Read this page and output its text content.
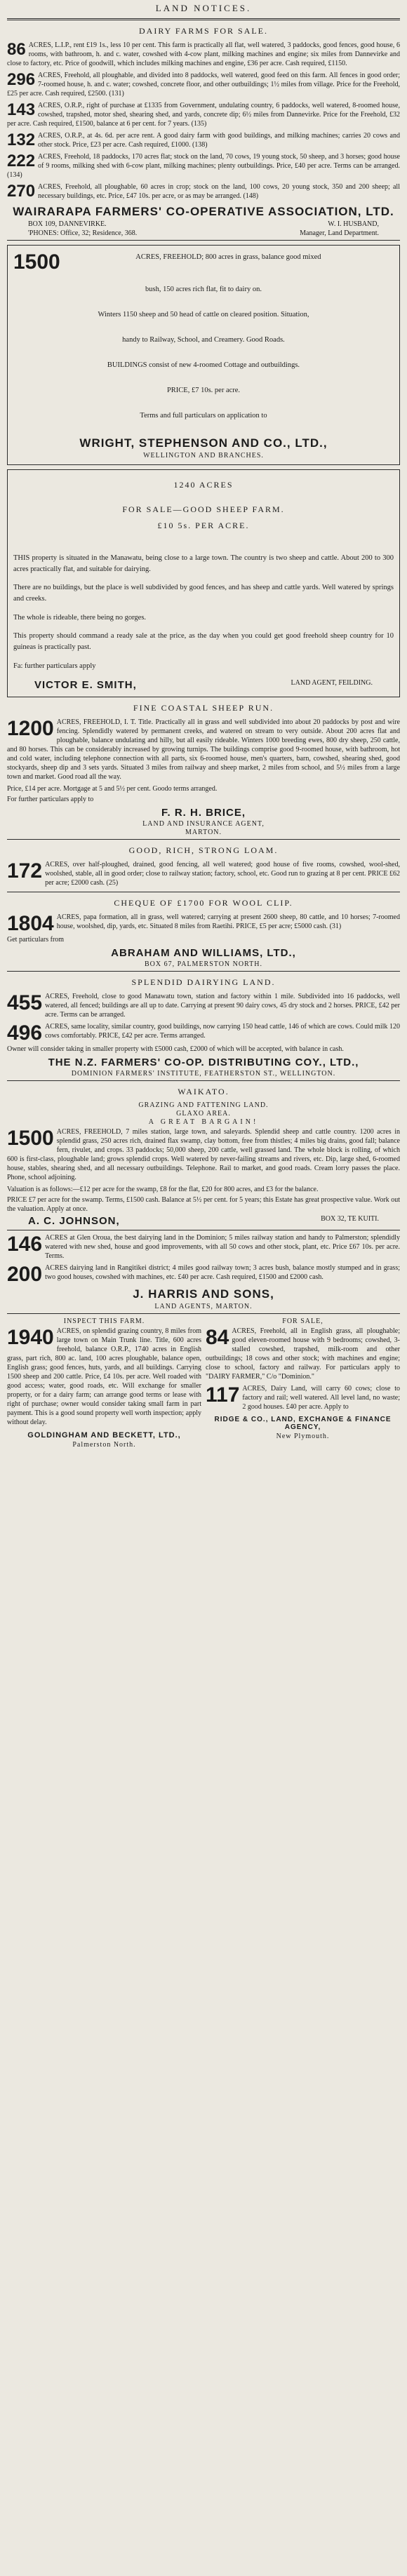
LAND NOTICES.
DAIRY FARMS FOR SALE.
86 ACRES, L.I.P., rent £19 1s., less 10 per cent. This farm is practically all flat, well watered, 3 paddocks, good fences, good house, 6 rooms, with bathroom, h. and c. water, cowshed with 4-cow plant, milking machines and engine; six miles from Dannevirke and close to factory, etc. Price of goodwill, which includes milking machines and engine, £36 per acre. Cash required, £1150.
296 ACRES, Freehold, all ploughable, and divided into 8 paddocks, well watered, good feed on this farm. All fences in good order; 7-roomed house, h. and c. water; cowshed, concrete floor, and other outbuildings; 1½ miles from village. Price for the Freehold, £25 per acre. Cash required, £2500. (131)
143 ACRES, O.R.P., right of purchase at £1335 from Government, undulating country, 6 paddocks, well watered, 8-roomed house, cowshed, trapshed, motor shed, shearing shed, and yards, concrete dip; 6½ miles from Dannevirke. Price for the Freehold, £32 per acre. Cash required, £1500, balance at 6 per cent. for 7 years. (135)
132 ACRES, O.R.P., at 4s. 6d. per acre rent. A good dairy farm with good buildings, and milking machines; carries 20 cows and other stock. Price, £23 per acre. Cash required, £1000. (138)
222 ACRES, Freehold, 18 paddocks, 170 acres flat; stock on the land, 70 cows, 19 young stock, 50 sheep, and 3 horses; good house of 9 rooms, milking shed with 6-cow plant, milking machines; plenty outbuildings. Price, £40 per acre. Terms can be arranged. (134)
270 ACRES, Freehold, all ploughable, 60 acres in crop; stock on the land, 100 cows, 20 young stock, 350 and 200 sheep; all necessary buildings, etc. Price, £47 10s. per acre, or as may be arranged. (148)
WAIRARAPA FARMERS' CO-OPERATIVE ASSOCIATION, LTD.
BOX 109, DANNEVIRKE.	W. I. HUSBAND,
'PHONES: Office, 32; Residence, 368.	Manager, Land Department.
1500	ACRES, FREEHOLD; 800 acres in grass, balance good mixed
bush, 150 acres rich flat, fit to dairy on.
Winters 1150 sheep and 50 head of cattle on cleared position. Situation,
handy to Railway, School, and Creamery. Good Roads.
BUILDINGS consist of new 4-roomed Cottage and outbuildings.
PRICE, £7 10s. per acre.
Terms and full particulars on application to
WRIGHT, STEPHENSON AND CO., LTD.,
WELLINGTON AND BRANCHES.
1240 ACRES
FOR SALE—GOOD SHEEP FARM.
£10 5s. PER ACRE.

THIS property is situated in the Manawatu, being close to a large town. The country is two sheep and cattle. About 200 to 300 acres practically flat, and suitable for dairying.

There are no buildings, but the place is well subdivided by good fences, and has sheep and cattle yards. Well watered by springs and creeks.

The whole is rideable, there being no gorges.

This property should command a ready sale at the price, as the day when you could get good freehold sheep country for 10 guineas is practically past.

Fa: further particulars apply

VICTOR E. SMITH,	LAND AGENT, FEILDING.
FINE COASTAL SHEEP RUN.
1200 ACRES, FREEHOLD, I. T. Title. Practically all in grass and well subdivided into about 20 paddocks by post and wire fencing. Splendidly watered by permanent creeks, and watered on stream to very outside. About 200 acres flat and ploughable, balance undulating and hilly, but all easily rideable. Winters 1000 breeding ewes, 800 dry sheep, 250 cattle, and 80 horses. This can be considerably increased by growing turnips. The buildings comprise good 9-roomed house, with bathroom, hot and cold water, including telephone connection with all parts, six 6-roomed house, men's quarters, barn, cowshed, shearing shed, good stockyards, sheep dip and 3 sets yards. Situated 3 miles from railway and sheep market, 2 miles from school, and 5½ miles from a large town and market. Good road all the way.
Price, £14 per acre. Mortgage at 5 and 5½ per cent. Goodo terms arranged.
For further particulars apply to
F. R. H. BRICE,
LAND AND INSURANCE AGENT,
MARTON.
GOOD, RICH, STRONG LOAM.
172 ACRES, over half-ploughed, drained, good fencing, all well watered; good house of five rooms, cowshed, wool-shed, woolshed, stable, all in good order; close to railway station; factory, school, etc. Good run to grazing at 8 per cent. PRICE £62 per acre; £2000 cash. (25)
CHEQUE OF £1700 FOR WOOL CLIP.
1804 ACRES, papa formation, all in grass, well watered; carrying at present 2600 sheep, 80 cattle, and 10 horses; 7-roomed house, woolshed, dip, yards, etc. Situated 8 miles from Raetihi. PRICE, £5 per acre; £5000 cash. (31)
Get particulars from
ABRAHAM AND WILLIAMS, LTD.,
BOX 67, PALMERSTON NORTH.
SPLENDID DAIRYING LAND.
455 ACRES, Freehold, close to good Manawatu town, station and factory within 1 mile. Subdivided into 16 paddocks, well watered, all fenced; buildings are all up to date. Carrying at present 90 dairy cows, 45 dry stock and 2 horses. PRICE, £42 per acre. Terms can be arranged.
496 ACRES, same locality, similar country, good buildings, now carrying 150 head cattle, 146 of which are cows. Could milk 120 cows comfortably. PRICE, £42 per acre. Terms arranged.
Owner will consider taking in smaller property with £5000 cash, £2000 of which will be accepted, with balance in cash.
THE N.Z. FARMERS' CO-OP. DISTRIBUTING COY., LTD.,
DOMINION FARMERS' INSTITUTE, FEATHERSTON ST., WELLINGTON.
WAIKATO.
GRAZING AND FATTENING LAND.
GLAXO AREA.
A GREAT BARGAIN!
1500 ACRES, FREEHOLD, 7 miles station, large town, and saleyards. Splendid sheep and cattle country. 1200 acres in splendid grass, 250 acres rich, drained flax swamp, clay bottom, free from thistles; 4 miles big drains, good fall; balance fern, rivulet, and crops. 33 paddocks; 50,000 sheep, 200 cattle, well grassed land. The whole block is rolling, of which 600 is first-class, ploughable land; grows splendid crops. Well watered by never-failing streams and rivers, etc. Dip, large shed, 6-roomed house, stables, shearing shed, and all necessary outbuildings. Telephone. Rail to market, and good roads. Cream lorry passes the place. Phone, school adjoining.
Valuation is as follows:—£12 per acre for the swamp, £8 for the flat, £20 for 800 acres, and £3 for the balance.
PRICE £7 per acre for the swamp. Terms, £1500 cash. Balance at 5½ per cent. for 5 years; this Estate has great prospective value. Work out the valuation. Apply at once.
A. C. JOHNSON,	BOX 32, TE KUITI.
146 ACRES at Glen Oroua, the best dairying land in the Dominion; 5 miles railway station and handy to Palmerston; splendidly watered with new shed, house and good improvements, with all 50 cows and other stock, plant, etc. Price £67 10s. per acre. Terms.
200 ACRES dairying land in Rangitikei district; 4 miles good railway town; 3 acres bush, balance mostly stumped and in grass; two good houses, cowshed with machines, etc. £40 per acre. Cash required, £1500 and £2000 cash.
J. HARRIS AND SONS,
LAND AGENTS, MARTON.
INSPECT THIS FARM.
1940 ACRES, on splendid grazing country, 8 miles from large town on Main Trunk line. Title, 600 acres freehold, balance O.R.P., 1740 acres in English grass, part rich, 800 ac. land, 100 acres ploughable, balance open, English grass; good fences, huts, yards, and all buildings. Carrying 1500 sheep and 200 cattle. Price, £4 10s. per acre. Well roaded with good access; water, good roads, etc. Will exchange for smaller property, or for a dairy farm; can arrange good terms or lease with right of purchase; owner would consider taking small farm in part payment. This is a good sound property well worth inspection; apply without delay.
GOLDINGHAM AND BECKETT, LTD.,
Palmerston North.
FOR SALE,
84 ACRES, Freehold, all in English grass, all ploughable; good eleven-roomed house with 9 bedrooms; cowshed, 3-stalled cowshed, trapshed, milk-room and other outbuildings; 18 cows and other stock; with machines and engine; close to school, factory and railway. For particulars apply to "DAIRY FARMER," C/o "Dominion."
117 ACRES, Dairy Land, will carry 60 cows; close to factory and rail; well watered. All level land, no waste; 2 good houses. £40 per acre. Apply to
RIDGE & CO., LAND, EXCHANGE & FINANCE AGENCY,
New Plymouth.
